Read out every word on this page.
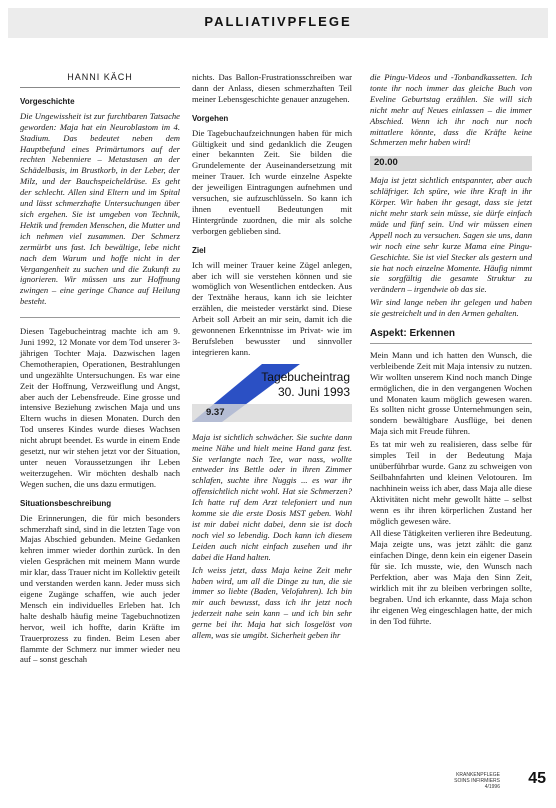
PALLIATIVPFLEGE
HANNI KÄCH
Vorgeschichte

Die Ungewissheit ist zur furchtbaren Tatsache geworden: Maja hat ein Neuroblastom im 4. Stadium. Das bedeutet neben dem Hauptbefund eines Primärtumors auf der rechten Nebenniere – Metastasen an der Schädelbasis, im Brustkorb, in der Leber, der Milz, und der Bauchspeicheldrüse. Es geht der schlecht. Allen sind Eltern und im Spital und lässt schmerzhafte Untersuchungen über sich ergehen. Sie ist umgeben von Technik, Hektik und fremden Menschen, die Mutter und ich nehmen viel zusammen. Der Schmerz zermürbt uns fast. Ich bewältige, lebe nicht nach dem Warum und hoffe nicht in der Vergangenheit zu suchen und die Zukunft zu ignorieren. Wir müssen uns zur Hoffnung zwingen – eine geringe Chance auf Heilung besteht.

Diesen Tagebucheintrag machte ich am 9. Juni 1992, 12 Monate vor dem Tod unserer 3-jährigen Tochter Maja. Dazwischen lagen Chemotherapien, Operationen, Bestrahlungen und ungezählte Untersuchungen. Es war eine Zeit der Hoffnung, Verzweiflung und Angst, aber auch der Lebensfreude. Eine grosse und intensive Beziehung zwischen Maja und uns Eltern wuchs in diesen Monaten. Durch den Tod unseres Kindes wurde dieses Wachsen nicht abrupt beendet. Es wurde in einem Ende gesetzt, nur wir stehen jetzt vor der Situation, unter neuen Voraussetzungen ihr Leben weiterzugehen. Wir möchten deshalb nach Wegen suchen, die uns dazu ermutigen.

Situationsbeschreibung

Die Erinnerungen, die für mich besonders schmerzhaft sind, sind in die letzten Tage von Majas Abschied gebunden. Meine Gedanken kehren immer wieder dorthin zurück. In den vielen Gesprächen mit meinem Mann wurde mir klar, dass Trauer nicht im Kollektiv geteilt und verstanden werden kann. Jeder muss sich eigene Zugänge schaffen, wie auch jeder Mensch ein individuelles Erleben hat. Ich halte deshalb häufig meine Tagebuchnotizen hervor, weil ich hoffte, darin Kräfte im Trauerprozess zu finden. Beim Lesen aber flammte der Schmerz nur immer wieder neu auf – sonst geschah

nichts. Das Ballon-Frustrationsschreiben war dann der Anlass, diesen schmerzhaften Teil meiner Lebensgeschichte genauer anzugehen.

Vorgehen

Die Tagebuchaufzeichnungen haben für mich Gültigkeit und sind gedanklich die Zeugen einer bekannten Zeit. Sie bilden die Grundelemente der Auseinandersetzung mit meiner Trauer. Ich wurde einzelne Aspekte der jeweiligen Eintragungen aufnehmen und versuchen, sie aufzuschlüsseln. So kann ich ihnen eventuell Bedeutungen mit Hintergründe zuordnen, die mir als solche verborgen geblieben sind.

Ziel

Ich will meiner Trauer keine Zügel anlegen, aber ich will sie verstehen können und sie womöglich von Wesentlichen entdecken. Aus der Textnähe heraus, kann ich sie leichter erzählen, die meisteder verstärkt sind. Diese Arbeit soll Arbeit an mir sein, damit ich die gewonnenen Erkenntnisse im Privat- wie im Berufsleben bewusster und sinnvoller integrieren kann.

Tagebucheintrag
30. Juni 1993
9.37

Maja ist sichtlich schwächer. Sie suchte dann meine Nähe und hielt meine Hand ganz fest. Sie verlangte nach Tee, war nass, wollte entweder ins Bettle oder in ihren Zimmer schlafen, suchte ihre Nuggis ... es war ihr offensichtlich nicht wohl. Hat sie Schmerzen? Ich hatte ruf dem Arzt telefoniert und nun komme sie die erste Dosis MST geben. Wohl ist mir dabei nicht dabei, denn sie ist doch noch viel so lebendig. Doch kann ich diesem Leiden auch nicht einfach zusehen und ihr dabei die Hand halten.

Ich weiss jetzt, dass Maja keine Zeit mehr haben wird, um all die Dinge zu tun, die sie immer so liebte (Baden, Velofahren). Ich bin mir auch bewusst, dass ich ihr jetzt noch jederzeit nahe sein kann – und ich bin sehr gerne bei ihr. Maja hat sich losgelöst von allem, was sie umgibt. Sicherheit geben ihr

die Pingu-Videos und -Tonbandkassetten. Ich tonte ihr noch immer das gleiche Buch von Eveline Geburtstag erzählen. Sie will sich nicht mehr auf Neues einlassen – die immer Abschied. Wenn ich ihr noch nur noch mittatlere könnte, dass die Kräfte keine Schmerzen mehr haben wird!

20.00

Maja ist jetzt sichtlich entspannter, aber auch schläfriger. Ich spüre, wie ihre Kraft in ihr Körper. Wir haben ihr gesagt, dass sie jetzt nicht mehr stark sein müsse, sie dürfe einfach müde und fünf sein. Und wir müssen einen Appell noch zu versuchen. Sagen sie uns, dann wir noch eine sehr kurze Mama eine Pingu-Geschichte. Sie ist viel Stecker als gestern und sie hat noch einzelne Momente. Häufig nimmt sie sorgfältig die gesamte Struktur zu verändern – irgendwie ob das sie.

Wir sind lange neben ihr gelegen und haben sie gestreichelt und in den Armen gehalten.

Aspekt: Erkennen

Mein Mann und ich hatten den Wunsch, die verbleibende Zeit mit Maja intensiv zu nutzen. Wir wollten unserem Kind noch manch Dinge ermöglichen, die in den vergangenen Wochen und Monaten kaum möglich gewesen waren. Es sollten nicht grosse Unternehmungen sein, sondern bewältigbare Ausflüge, bei denen Maja sich mit Freude führen.

Es tat mir weh zu realisieren, dass selbe für simples Teil in der Bedeutung Maja unüberführbar wurde. Ganz zu schweigen von Seilbahnfahrten und kleinen Velotouren. Im nachhinein weiss ich aber, dass Maja alle diese Aktivitäten nicht mehr gewollt hätte – selbst wenn es ihr ihren körperlichen Zustand her möglich gewesen wäre.

All diese Tätigkeiten verlieren ihre Bedeutung. Maja zeigte uns, was jetzt zählt: die ganz einfachen Dinge, denn kein ein eigener Dasein für sie. Ich musste, wie, den Wunsch nach Perfektion, aber was Maja den Sinn Zeit, wirklich mit ihr zu bleiben verbringen sollte, begraben. Und ich erkannte, dass Maja schon ihr eigenen Weg eingeschlagen hatte, der mich in den Tod führte.

KRANKENPFLEGE SOINS INFIRMIERS 4/1996 45
